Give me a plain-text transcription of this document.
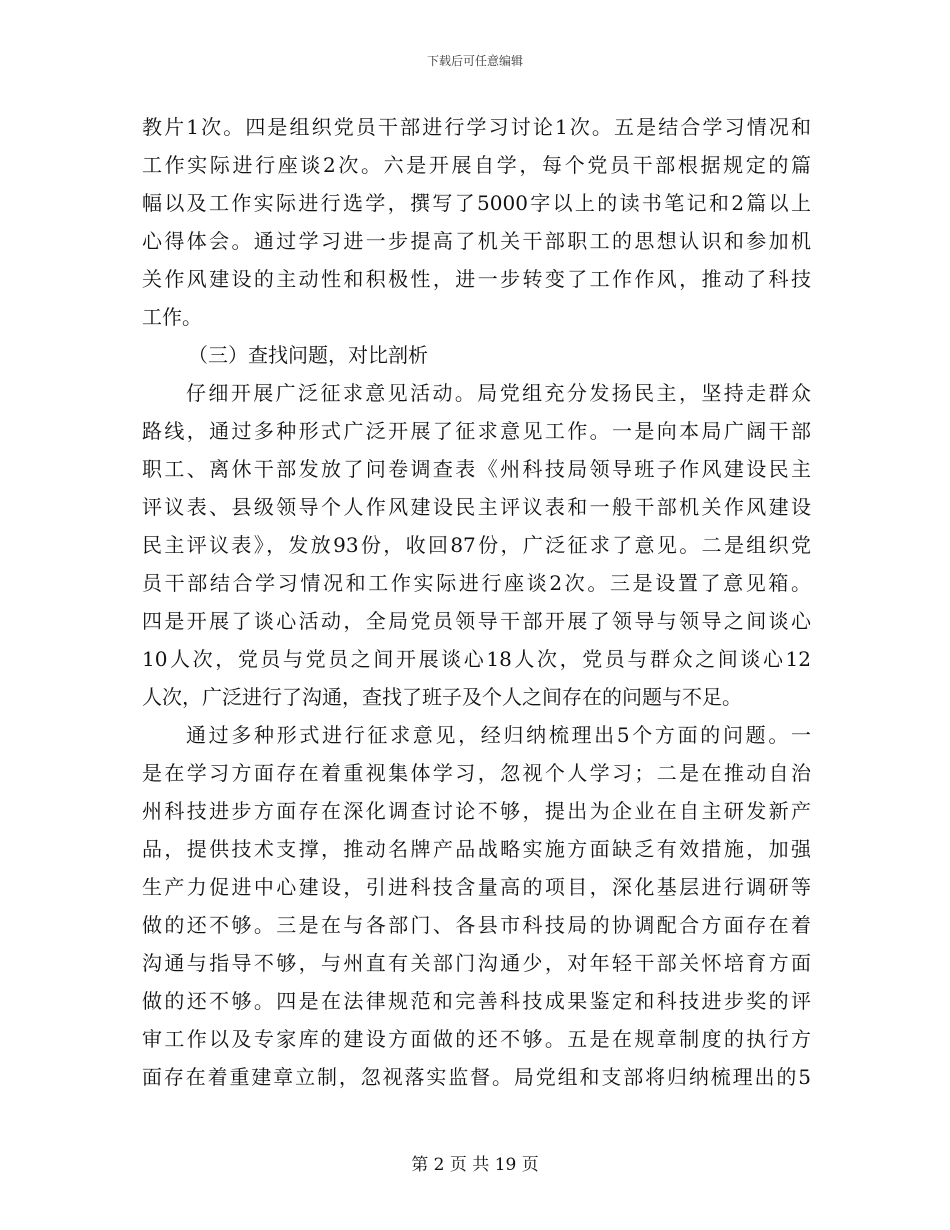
下载后可任意编辑
教片1次。四是组织党员干部进行学习讨论1次。五是结合学习情况和
工作实际进行座谈2次。六是开展自学，每个党员干部根据规定的篇
幅以及工作实际进行选学，撰写了5000字以上的读书笔记和2篇以上
心得体会。通过学习进一步提高了机关干部职工的思想认识和参加机
关作风建设的主动性和积极性，进一步转变了工作作风，推动了科技
工作。
（三）查找问题，对比剖析
仔细开展广泛征求意见活动。局党组充分发扬民主，坚持走群众
路线，通过多种形式广泛开展了征求意见工作。一是向本局广阔干部
职工、离休干部发放了问卷调查表《州科技局领导班子作风建设民主
评议表、县级领导个人作风建设民主评议表和一般干部机关作风建设
民主评议表》，发放93份，收回87份，广泛征求了意见。二是组织党
员干部结合学习情况和工作实际进行座谈2次。三是设置了意见箱。
四是开展了谈心活动，全局党员领导干部开展了领导与领导之间谈心
10人次，党员与党员之间开展谈心18人次，党员与群众之间谈心12
人次，广泛进行了沟通，查找了班子及个人之间存在的问题与不足。
通过多种形式进行征求意见，经归纳梳理出5个方面的问题。一
是在学习方面存在着重视集体学习，忽视个人学习；二是在推动自治
州科技进步方面存在深化调查讨论不够，提出为企业在自主研发新产
品，提供技术支撑，推动名牌产品战略实施方面缺乏有效措施，加强
生产力促进中心建设，引进科技含量高的项目，深化基层进行调研等
做的还不够。三是在与各部门、各县市科技局的协调配合方面存在着
沟通与指导不够，与州直有关部门沟通少，对年轻干部关怀培育方面
做的还不够。四是在法律规范和完善科技成果鉴定和科技进步奖的评
审工作以及专家库的建设方面做的还不够。五是在规章制度的执行方
面存在着重建章立制，忽视落实监督。局党组和支部将归纳梳理出的5
第 2 页 共 19 页
